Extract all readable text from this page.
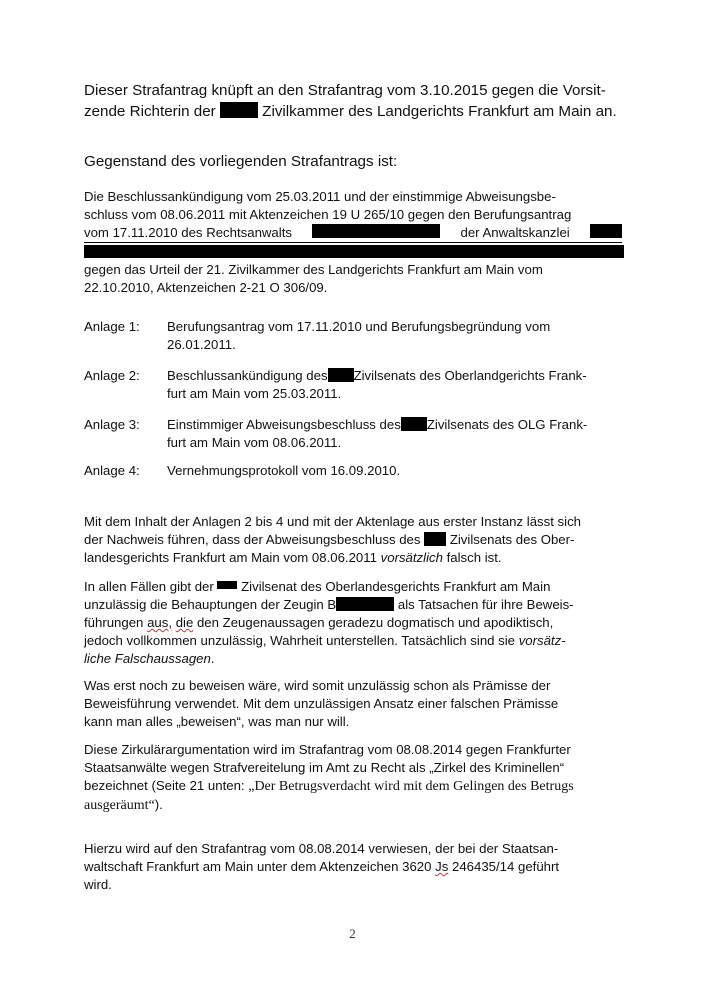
Dieser Strafantrag knüpft an den Strafantrag vom 3.10.2015 gegen die Vorsit-

zende Richterin der	Zivilkammer des Landgerichts Frankfurt am Main an.

Gegenstand des vorliegenden Strafantrags ist:

Die Beschlussankündigung vom 25.03.2011 und der einstimmige Abweisungsbe-

schluss vom 08.06.2011 mit Aktenzeichen 19 U 265/10 gegen den Berufungsantrag

vom 17.11.2010 des Rechtsanwalts	der Anwaltskanzlei

gegen das Urteil der 21. Zivilkammer des Landgerichts Frankfurt am Main vom

22.10.2010, Aktenzeichen 2-21 O 306/09.

Anlage 1:	Berufungsantrag vom 17.11.2010 und Berufungsbegründung vom
26.01.2011.
Anlage 2:	Beschlussankündigung des Zivilsenats des Oberlandgerichts Frank-
furt am Main vom 25.03.2011.
Anlage 3:	Einstimmiger Abweisungsbeschluss des Zivilsenats des OLG Frank-
furt am Main vom 08.06.2011.
Anlage 4:	Vernehmungsprotokoll vom 16.09.2010.

Mit dem Inhalt der Anlagen 2 bis 4 und mit der Aktenlage aus erster Instanz lässt sich

der Nachweis führen, dass der Abweisungsbeschluss des Zivilsenats des Ober-

landesgerichts Frankfurt am Main vom 08.06.2011 vorsätzlich falsch ist.

In allen Fällen gibt der Zivilsenat des Oberlandesgerichts Frankfurt am Main

unzulässig die Behauptungen der Zeugin B	als Tatsachen für ihre Beweis-

führungen aus, die den Zeugenaussagen geradezu dogmatisch und apodiktisch,

jedoch vollkommen unzulässig, Wahrheit unterstellen. Tatsächlich sind sie vorsätz-

liche Falschaussagen.

Was erst noch zu beweisen wäre, wird somit unzulässig schon als Prämisse der

Beweisführung verwendet. Mit dem unzulässigen Ansatz einer falschen Prämisse

kann man alles „beweisen“, was man nur will.

Diese Zirkulärargumentation wird im Strafantrag vom 08.08.2014 gegen Frankfurter

Staatsanwälte wegen Strafvereitelung im Amt zu Recht als „Zirkel des Kriminellen“

bezeichnet (Seite 21 unten: „Der Betrugsverdacht wird mit dem Gelingen des Betrugs

ausgeräumt“).

Hierzu wird auf den Strafantrag vom 08.08.2014 verwiesen, der bei der Staatsan-

waltschaft Frankfurt am Main unter dem Aktenzeichen 3620 Js 246435/14 geführt

wird.

2
